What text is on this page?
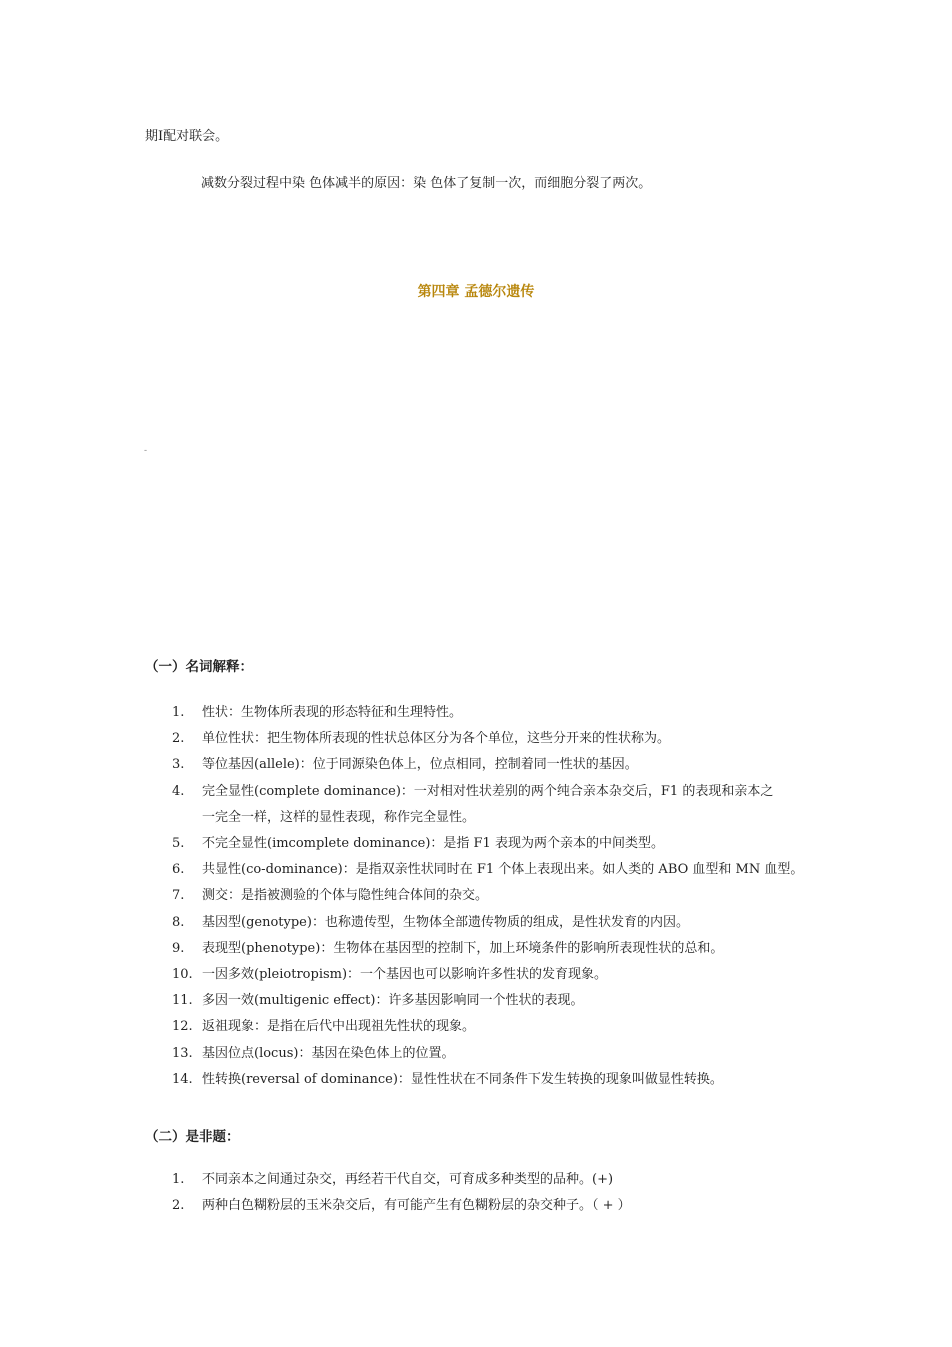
期Ⅰ配对联会。
减数分裂过程中染 色体减半的原因：染 色体了复制一次，而细胞分裂了两次。
第四章 孟德尔遗传
-
（一）名词解释：
1. 性状：生物体所表现的形态特征和生理特性。
2. 单位性状：把生物体所表现的性状总体区分为各个单位，这些分开来的性状称为。
3. 等位基因(allele)：位于同源染色体上，位点相同，控制着同一性状的基因。
4. 完全显性(complete dominance)：一对相对性状差别的两个纯合亲本杂交后，F1 的表现和亲本之
一完全一样，这样的显性表现，称作完全显性。
5. 不完全显性(imcomplete dominance)：是指 F1 表现为两个亲本的中间类型。
6. 共显性(co-dominance)：是指双亲性状同时在 F1 个体上表现出来。如人类的 ABO 血型和 MN 血型。
7. 测交：是指被测验的个体与隐性纯合体间的杂交。
8. 基因型(genotype)：也称遗传型，生物体全部遗传物质的组成，是性状发育的内因。
9. 表现型(phenotype)：生物体在基因型的控制下，加上环境条件的影响所表现性状的总和。
10. 一因多效(pleiotropism)：一个基因也可以影响许多性状的发育现象。
11. 多因一效(multigenic effect)：许多基因影响同一个性状的表现。
12. 返祖现象：是指在后代中出现祖先性状的现象。
13. 基因位点(locus)：基因在染色体上的位置。
14. 性转换(reversal of dominance)：显性性状在不同条件下发生转换的现象叫做显性转换。
（二）是非题：
1. 不同亲本之间通过杂交，再经若干代自交，可育成多种类型的品种。(+)
2. 两种白色糊粉层的玉米杂交后，有可能产生有色糊粉层的杂交种子。（ + ）
